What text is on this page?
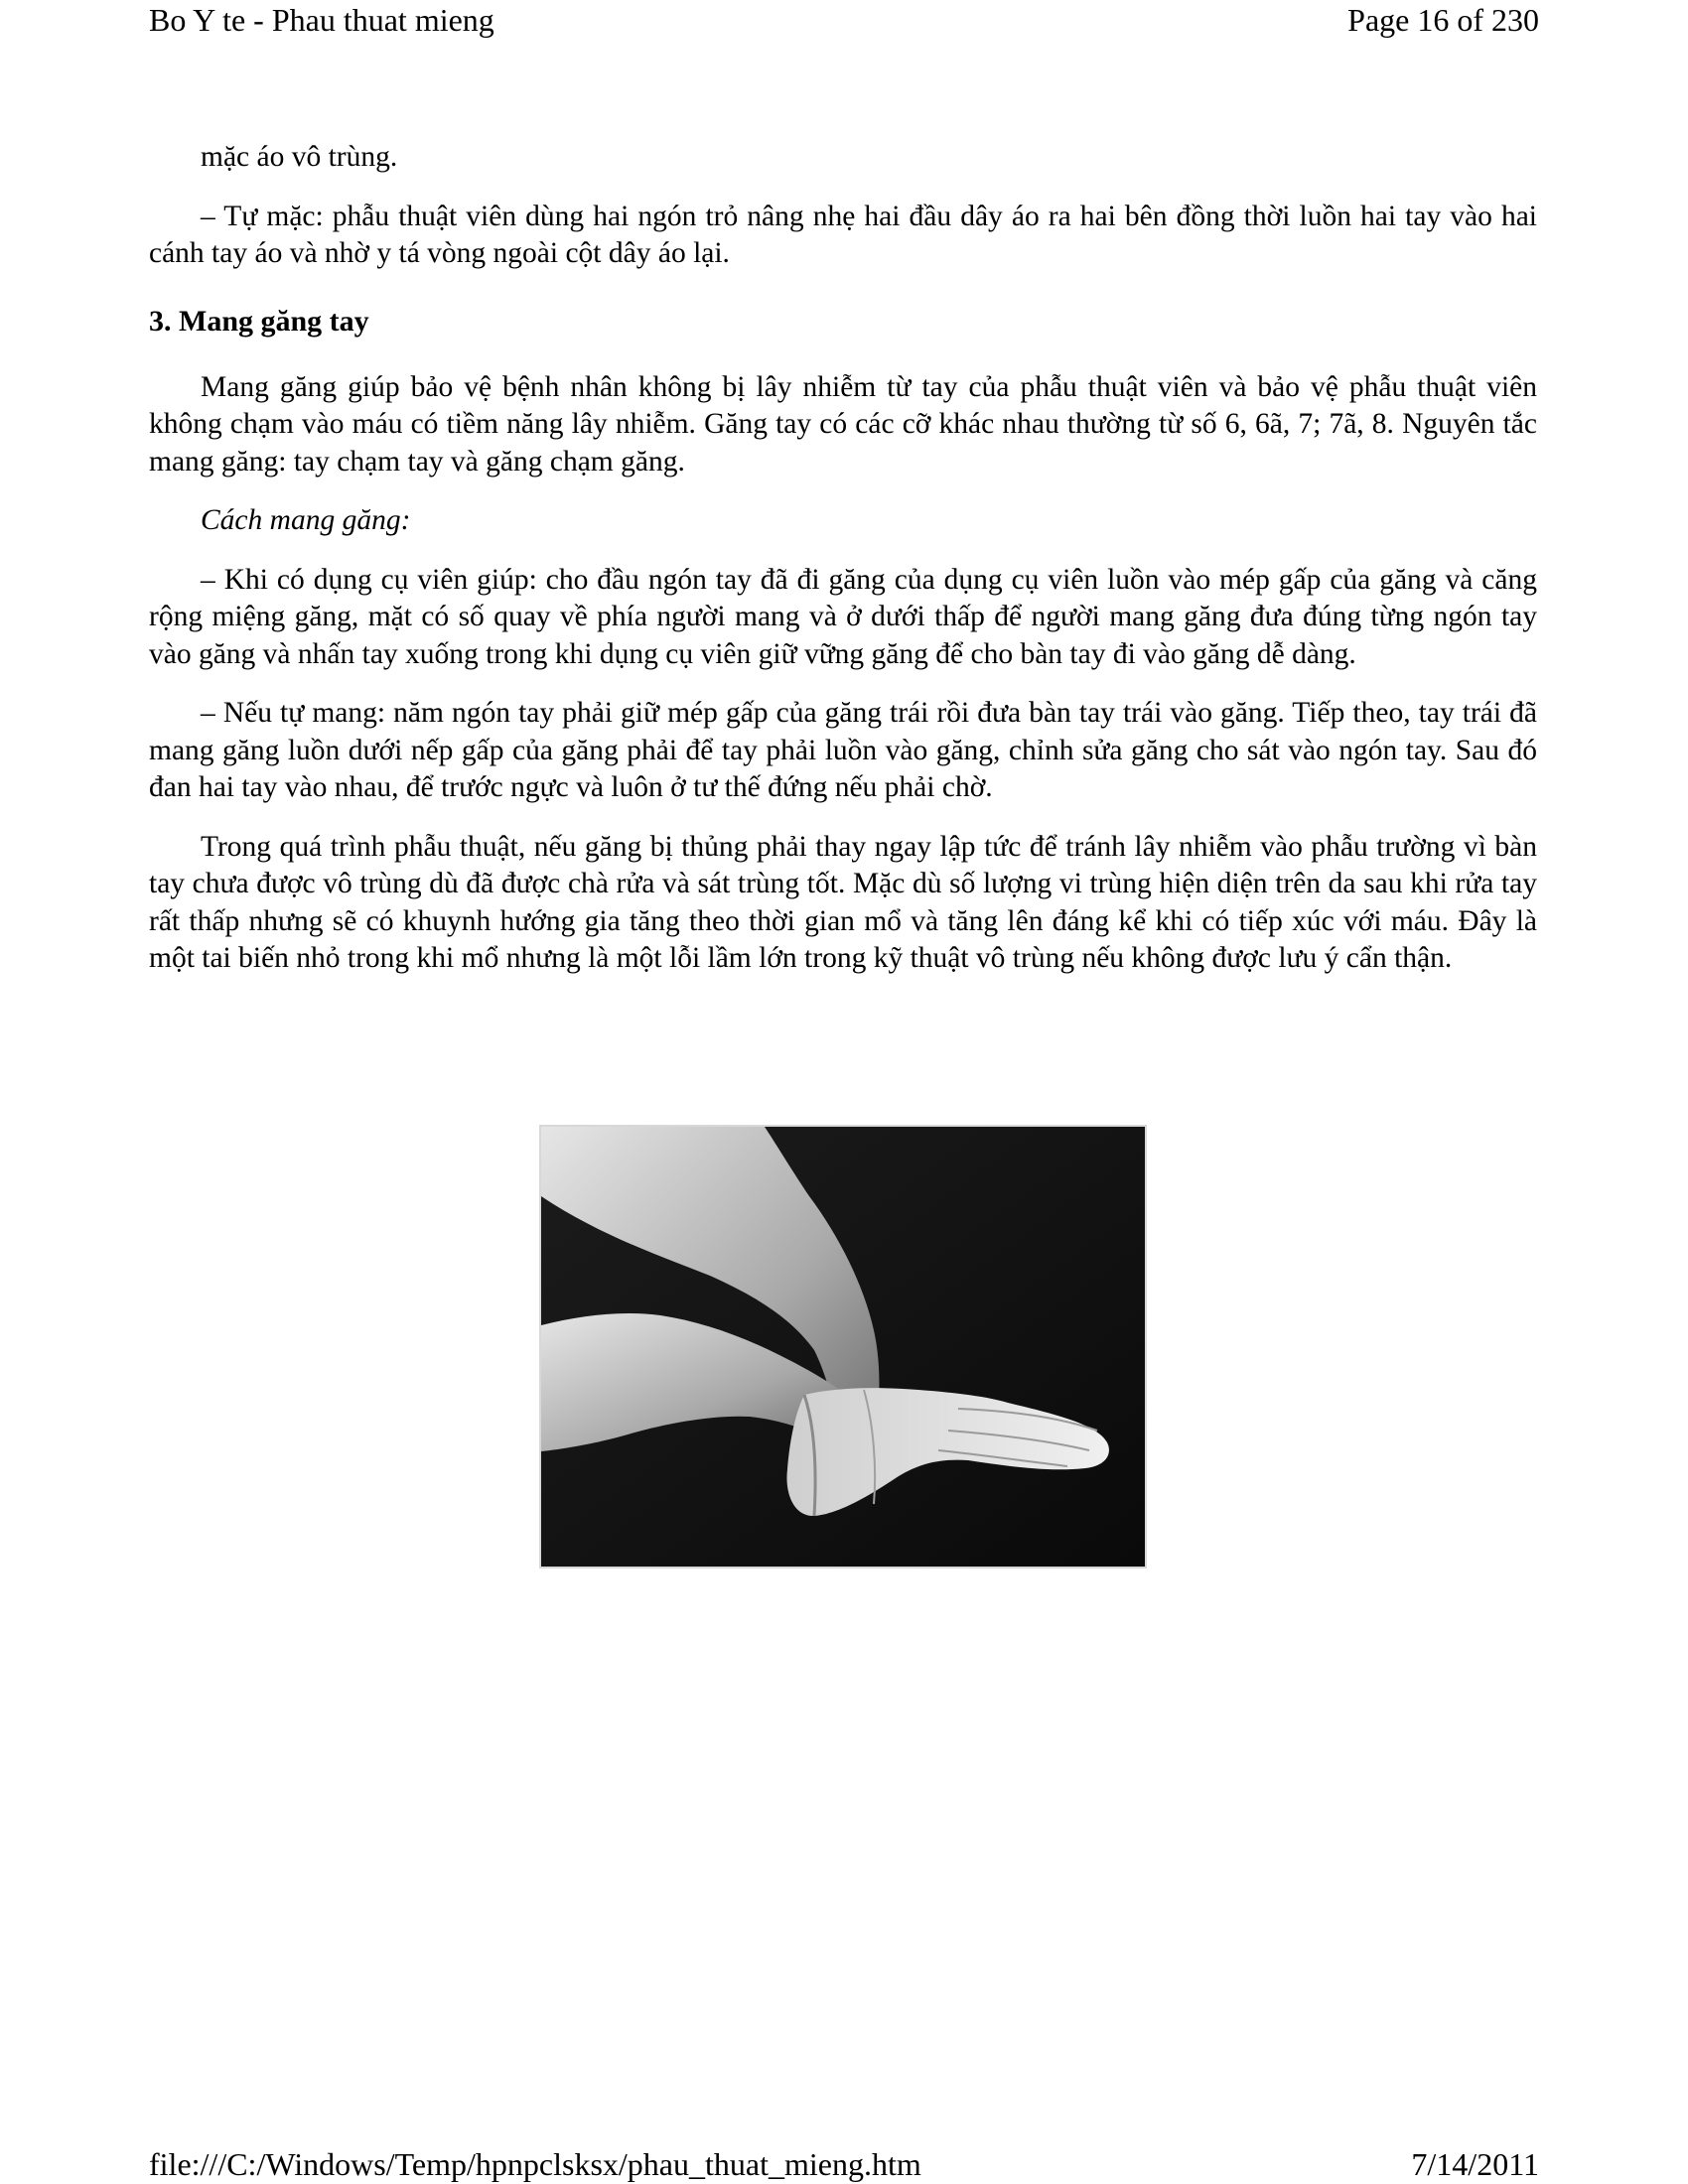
Bo Y te - Phau thuat mieng	Page 16 of 230

mặc áo vô trùng.

– Tự mặc: phẫu thuật viên dùng hai ngón trỏ nâng nhẹ hai đầu dây áo ra hai bên đồng thời luồn hai tay vào hai cánh tay áo và nhờ y tá vòng ngoài cột dây áo lại.

3. Mang găng tay

Mang găng giúp bảo vệ bệnh nhân không bị lây nhiễm từ tay của phẫu thuật viên và bảo vệ phẫu thuật viên không chạm vào máu có tiềm năng lây nhiễm. Găng tay có các cỡ khác nhau thường từ số 6, 6ã, 7; 7ã, 8. Nguyên tắc mang găng: tay chạm tay và găng chạm găng.

Cách mang găng:

– Khi có dụng cụ viên giúp: cho đầu ngón tay đã đi găng của dụng cụ viên luồn vào mép gấp của găng và căng rộng miệng găng, mặt có số quay về phía người mang và ở dưới thấp để người mang găng đưa đúng từng ngón tay vào găng và nhấn tay xuống trong khi dụng cụ viên giữ vững găng để cho bàn tay đi vào găng dễ dàng.

– Nếu tự mang: năm ngón tay phải giữ mép gấp của găng trái rồi đưa bàn tay trái vào găng. Tiếp theo, tay trái đã mang găng luồn dưới nếp gấp của găng phải để tay phải luồn vào găng, chỉnh sửa găng cho sát vào ngón tay. Sau đó đan hai tay vào nhau, để trước ngực và luôn ở tư thế đứng nếu phải chờ.

Trong quá trình phẫu thuật, nếu găng bị thủng phải thay ngay lập tức để tránh lây nhiễm vào phẫu trường vì bàn tay chưa được vô trùng dù đã được chà rửa và sát trùng tốt. Mặc dù số lượng vi trùng hiện diện trên da sau khi rửa tay rất thấp nhưng sẽ có khuynh hướng gia tăng theo thời gian mổ và tăng lên đáng kể khi có tiếp xúc với máu. Đây là một tai biến nhỏ trong khi mổ nhưng là một lỗi lầm lớn trong kỹ thuật vô trùng nếu không được lưu ý cẩn thận.

file:///C:/Windows/Temp/hpnpclsksx/phau_thuat_mieng.htm	7/14/2011
